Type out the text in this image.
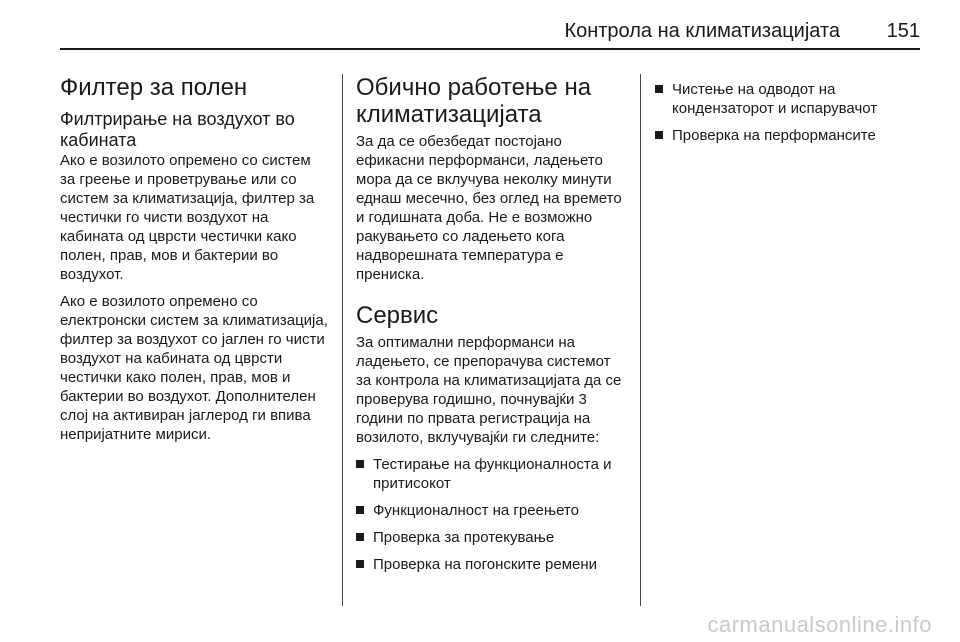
Контрола на климатизацијата 151
Филтер за полен
Филтрирање на воздухот во кабината

Ако е возилото опремено со систем за греење и проветрување или со систем за климатизација, филтер за честички го чисти воздухот на кабината од цврсти честички како полен, прав, мов и бактерии во воздухот.

Ако е возилото опремено со електронски систем за климатизација, филтер за воздухот со јаглен го чисти воздухот на кабината од цврсти честички како полен, прав, мов и бактерии во воздухот. Дополнителен слој на активиран јаглерод ги впива непријатните мириси.

Обично работење на климатизацијата

За да се обезбедат постојано ефикасни перформанси, ладењето мора да се вклучува неколку минути еднаш месечно, без оглед на времето и годишната доба. Не е возможно ракувањето со ладењето кога надворешната температура е прениска.

Сервис

За оптимални перформанси на ладењето, се препорачува системот за контрола на климатизацијата да се проверува годишно, почнувајќи 3 години по првата регистрација на возилото, вклучувајќи ги следните:

Тестирање на функционалноста и притисокот
Функционалност на греењето
Проверка за протекување
Проверка на погонските ремени
Чистење на одводот на кондензаторот и испарувачот
Проверка на перформансите
carmanualsonline.info
